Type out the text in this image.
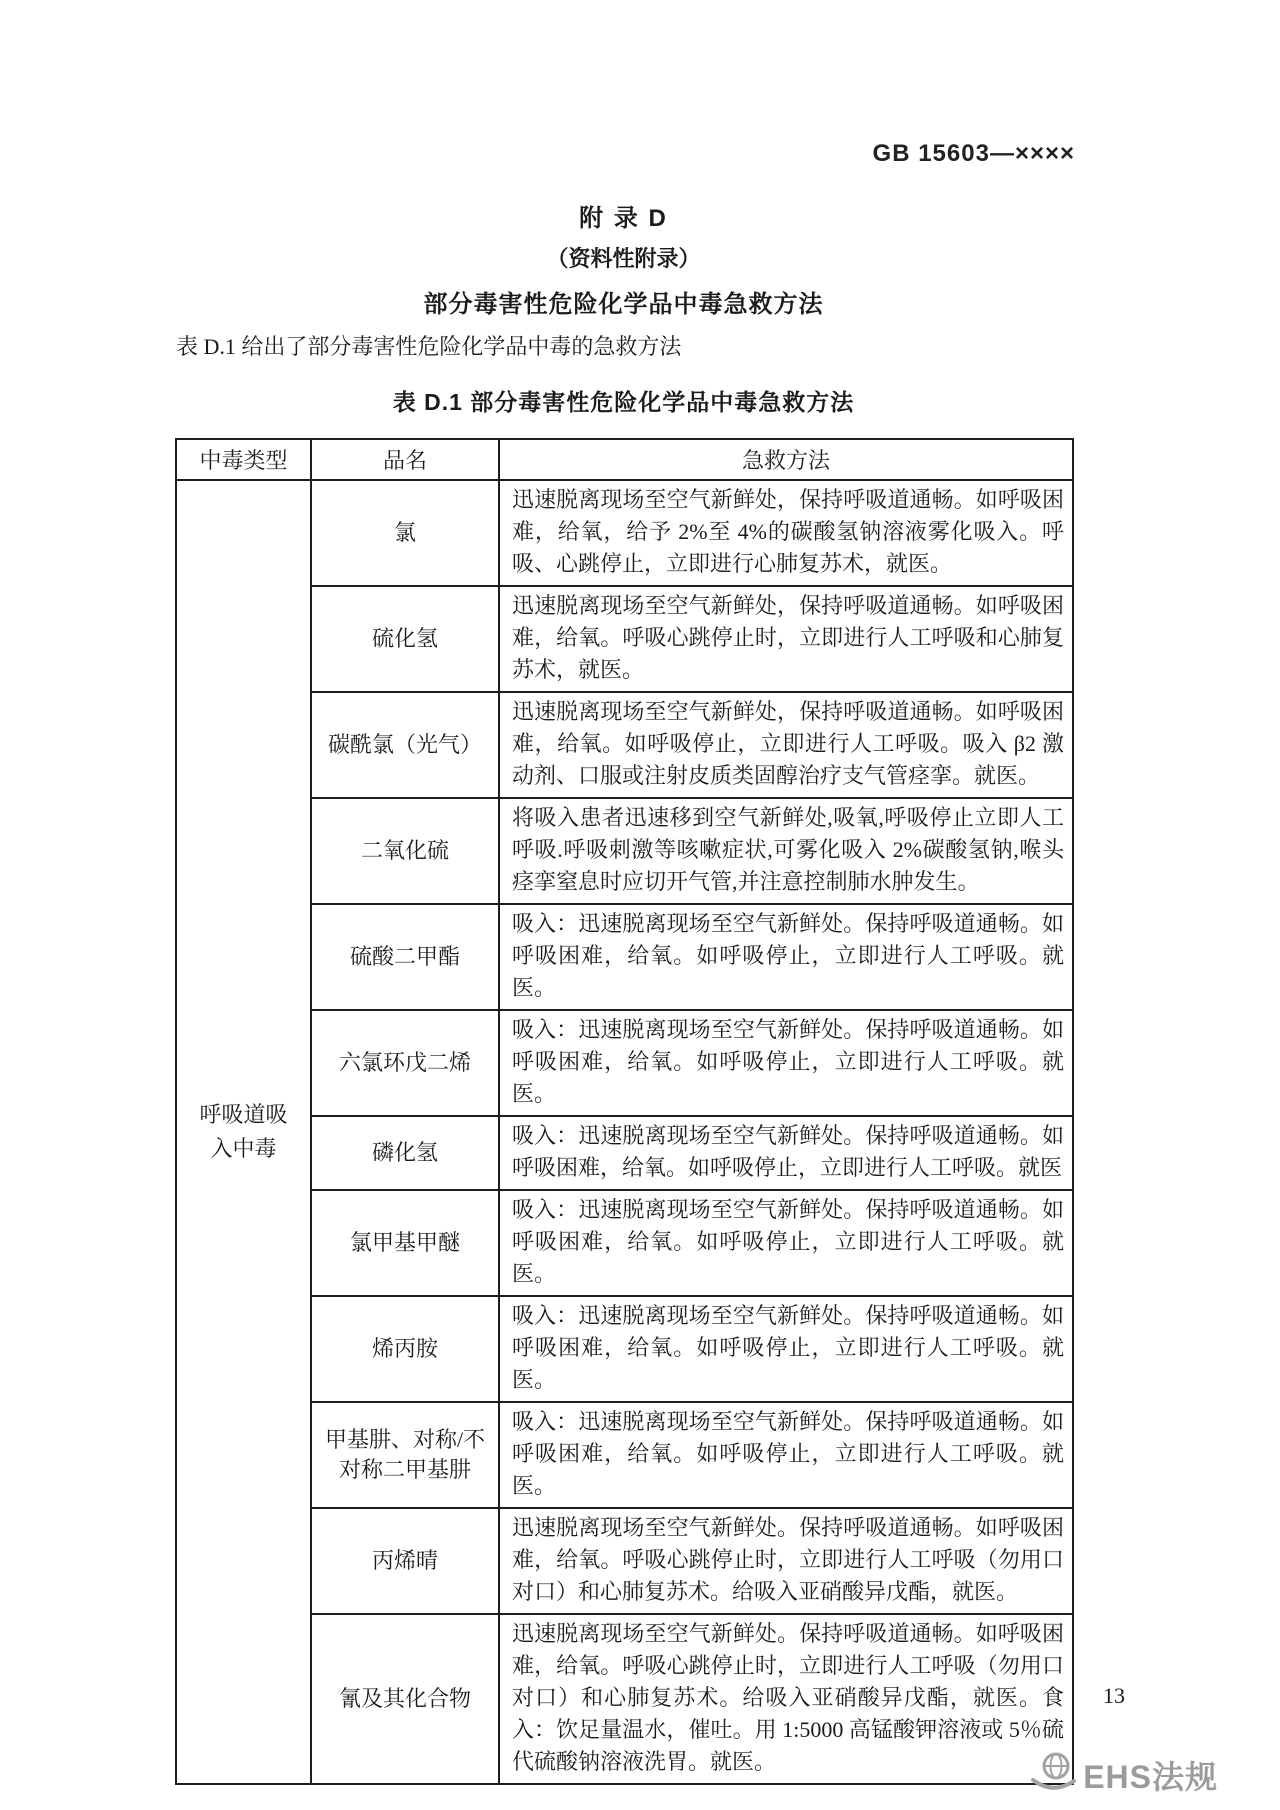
GB 15603—××××
附 录 D
（资料性附录）
部分毒害性危险化学品中毒急救方法
表 D.1 给出了部分毒害性危险化学品中毒的急救方法
表 D.1 部分毒害性危险化学品中毒急救方法
中毒类型	品名	急救方法
呼吸道吸入中毒	氯	迅速脱离现场至空气新鲜处，保持呼吸道通畅。如呼吸困难，给氧，给予 2%至 4%的碳酸氢钠溶液雾化吸入。呼吸、心跳停止，立即进行心肺复苏术，就医。
	硫化氢	迅速脱离现场至空气新鲜处，保持呼吸道通畅。如呼吸困难，给氧。呼吸心跳停止时，立即进行人工呼吸和心肺复苏术，就医。
	碳酰氯（光气）	迅速脱离现场至空气新鲜处，保持呼吸道通畅。如呼吸困难，给氧。如呼吸停止，立即进行人工呼吸。吸入 β2 激动剂、口服或注射皮质类固醇治疗支气管痉挛。就医。
	二氧化硫	将吸入患者迅速移到空气新鲜处,吸氧,呼吸停止立即人工呼吸.呼吸刺激等咳嗽症状,可雾化吸入 2%碳酸氢钠,喉头痉挛窒息时应切开气管,并注意控制肺水肿发生。
	硫酸二甲酯	吸入：迅速脱离现场至空气新鲜处。保持呼吸道通畅。如呼吸困难，给氧。如呼吸停止，立即进行人工呼吸。就医。
	六氯环戊二烯	吸入：迅速脱离现场至空气新鲜处。保持呼吸道通畅。如呼吸困难，给氧。如呼吸停止，立即进行人工呼吸。就医。
	磷化氢	吸入：迅速脱离现场至空气新鲜处。保持呼吸道通畅。如呼吸困难，给氧。如呼吸停止，立即进行人工呼吸。就医
	氯甲基甲醚	吸入：迅速脱离现场至空气新鲜处。保持呼吸道通畅。如呼吸困难，给氧。如呼吸停止，立即进行人工呼吸。就医。
	烯丙胺	吸入：迅速脱离现场至空气新鲜处。保持呼吸道通畅。如呼吸困难，给氧。如呼吸停止，立即进行人工呼吸。就医。
	甲基肼、对称/不对称二甲基肼	吸入：迅速脱离现场至空气新鲜处。保持呼吸道通畅。如呼吸困难，给氧。如呼吸停止，立即进行人工呼吸。就医。
	丙烯晴	迅速脱离现场至空气新鲜处。保持呼吸道通畅。如呼吸困难，给氧。呼吸心跳停止时，立即进行人工呼吸（勿用口对口）和心肺复苏术。给吸入亚硝酸异戊酯，就医。
	氰及其化合物	迅速脱离现场至空气新鲜处。保持呼吸道通畅。如呼吸困难，给氧。呼吸心跳停止时，立即进行人工呼吸（勿用口对口）和心肺复苏术。给吸入亚硝酸异戊酯，就医。食入：饮足量温水，催吐。用 1:5000 高锰酸钾溶液或 5％硫代硫酸钠溶液洗胃。就医。
13
EHS法规
